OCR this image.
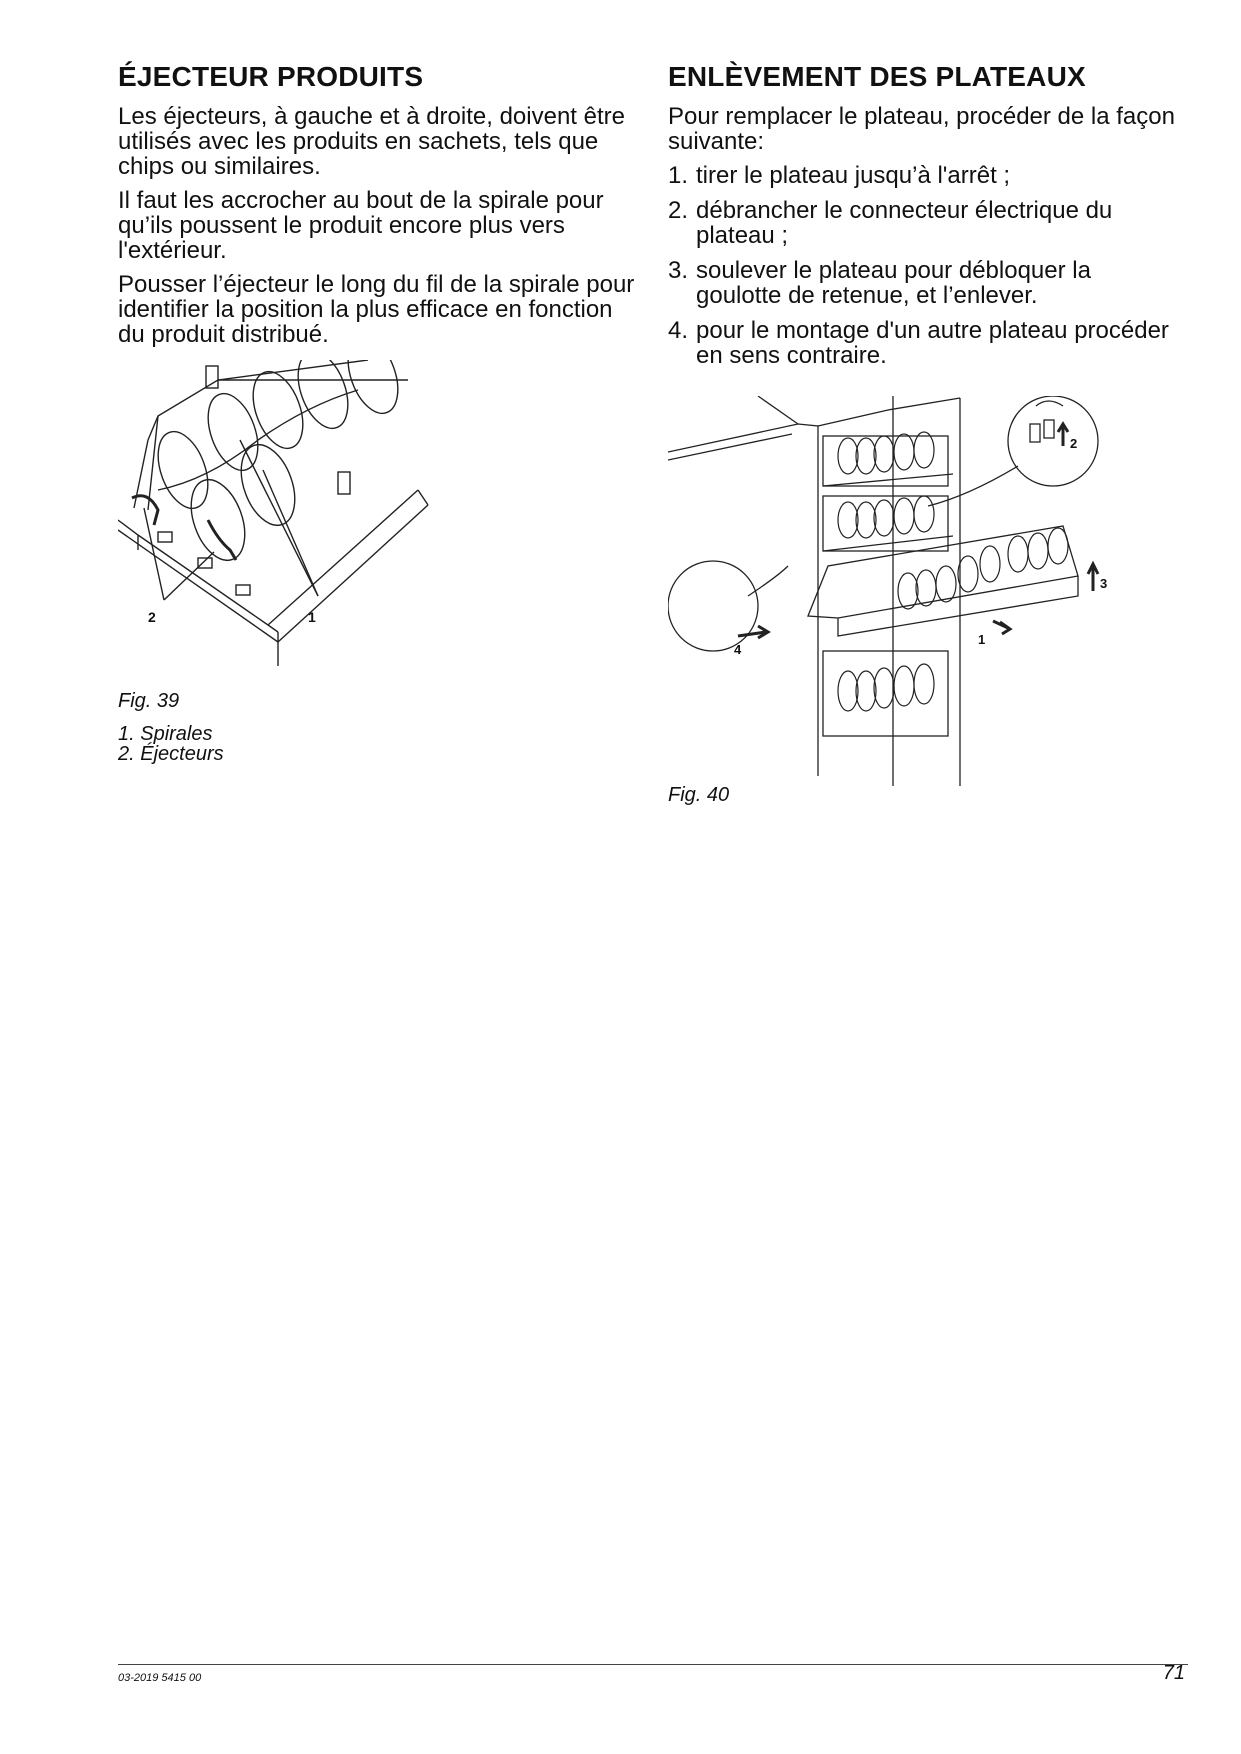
ÉJECTEUR PRODUITS

Les éjecteurs, à gauche et à droite, doivent être utilisés avec les produits en sachets, tels que chips ou similaires.

Il faut les accrocher au bout de la spirale pour qu’ils poussent le produit encore plus vers l'extérieur.

Pousser l’éjecteur le long du fil de la spirale pour identifier la position la plus efficace en fonction du produit distribué.

2	1
Fig. 39
1. Spirales
2. Éjecteurs
ENLÈVEMENT DES PLATEAUX

Pour remplacer le plateau, procéder de la façon suivante:

1. tirer le plateau jusqu’à l'arrêt ;
2. débrancher le connecteur électrique du plateau ;
3. soulever le plateau pour débloquer la goulotte de retenue, et l’enlever.
4. pour le montage d'un autre plateau procéder en sens contraire.
2
3
4
1
Fig. 40
03-2019 5415 00	71
